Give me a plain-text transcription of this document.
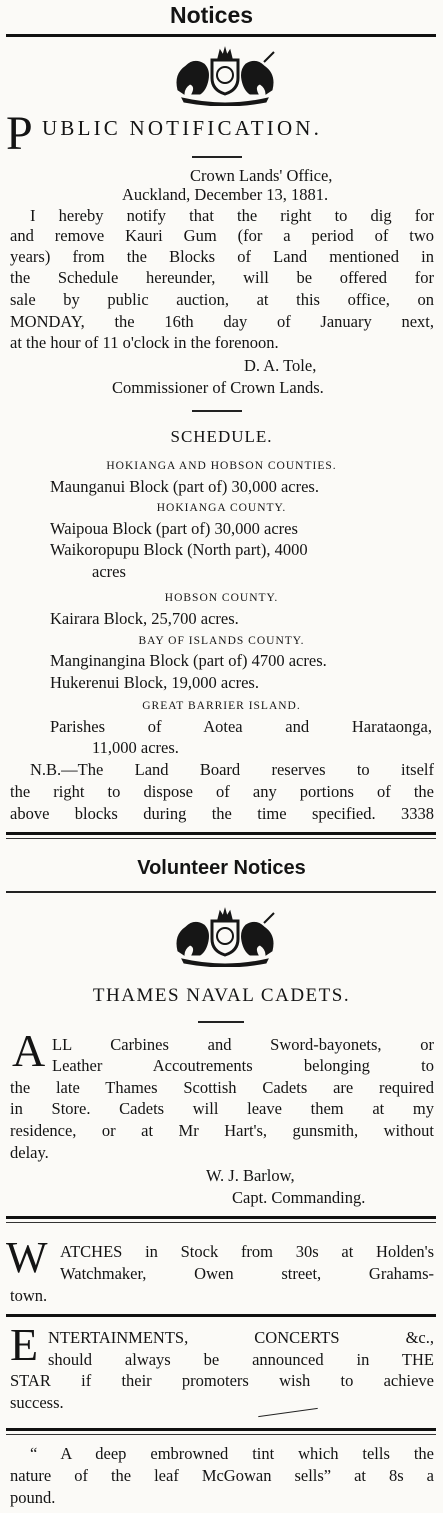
Notices
P UBLIC NOTIFICATION.
Crown Lands' Office,
Auckland, December 13, 1881.
I hereby notify that the right to dig for
and remove Kauri Gum (for a period of two
years) from the Blocks of Land mentioned in
the Schedule hereunder, will be offered for
sale by public auction, at this office, on
MONDAY, the 16th day of January next,
at the hour of 11 o'clock in the forenoon.
D. A. Tole,
Commissioner of Crown Lands.
SCHEDULE.
HOKIANGA AND HOBSON COUNTIES.
Maunganui Block (part of) 30,000 acres.
HOKIANGA COUNTY.
Waipoua Block (part of) 30,000 acres
Waikoropupu Block (North part), 4000
acres
HOBSON COUNTY.
Kairara Block, 25,700 acres.
BAY OF ISLANDS COUNTY.
Manginangina Block (part of) 4700 acres.
Hukerenui Block, 19,000 acres.
GREAT BARRIER ISLAND.
Parishes of Aotea and Harataonga,
11,000 acres.
N.B.—The Land Board reserves to itself
the right to dispose of any portions of the
above blocks during the time specified. 3338
Volunteer Notices
THAMES NAVAL CADETS.
A LL Carbines and Sword-bayonets, or
Leather Accoutrements belonging to
the late Thames Scottish Cadets are required
in Store. Cadets will leave them at my
residence, or at Mr Hart's, gunsmith, without
delay.
W. J. Barlow,
Capt. Commanding.
W ATCHES in Stock from 30s at Holden's
Watchmaker, Owen street, Grahams-
town.
E NTERTAINMENTS, CONCERTS &c.,
should always be announced in THE
STAR if their promoters wish to achieve
success.
“ A deep embrowned tint which tells the
nature of the leaf McGowan sells” at 8s a
pound.
